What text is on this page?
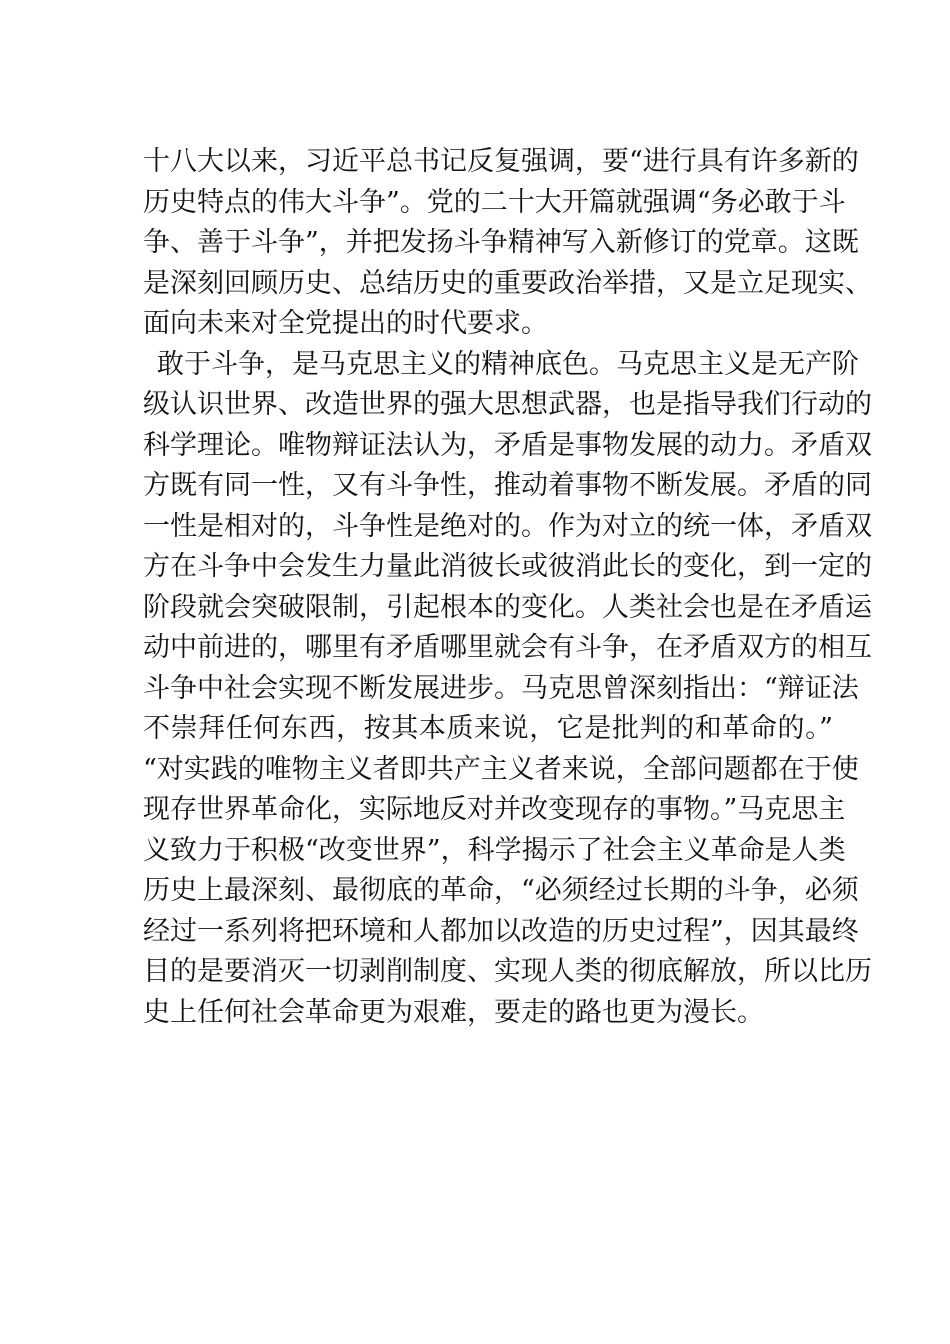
十八大以来，习近平总书记反复强调，要“进行具有许多新的
历史特点的伟大斗争”。党的二十大开篇就强调“务必敢于斗
争、善于斗争”，并把发扬斗争精神写入新修订的党章。这既
是深刻回顾历史、总结历史的重要政治举措，又是立足现实、
面向未来对全党提出的时代要求。
敢于斗争，是马克思主义的精神底色。马克思主义是无产阶
级认识世界、改造世界的强大思想武器，也是指导我们行动的
科学理论。唯物辩证法认为，矛盾是事物发展的动力。矛盾双
方既有同一性，又有斗争性，推动着事物不断发展。矛盾的同
一性是相对的，斗争性是绝对的。作为对立的统一体，矛盾双
方在斗争中会发生力量此消彼长或彼消此长的变化，到一定的
阶段就会突破限制，引起根本的变化。人类社会也是在矛盾运
动中前进的，哪里有矛盾哪里就会有斗争，在矛盾双方的相互
斗争中社会实现不断发展进步。马克思曾深刻指出：“辩证法
不崇拜任何东西，按其本质来说，它是批判的和革命的。”
“对实践的唯物主义者即共产主义者来说，全部问题都在于使
现存世界革命化，实际地反对并改变现存的事物。”马克思主
义致力于积极“改变世界”，科学揭示了社会主义革命是人类
历史上最深刻、最彻底的革命，“必须经过长期的斗争，必须
经过一系列将把环境和人都加以改造的历史过程”，因其最终
目的是要消灭一切剥削制度、实现人类的彻底解放，所以比历
史上任何社会革命更为艰难，要走的路也更为漫长。
